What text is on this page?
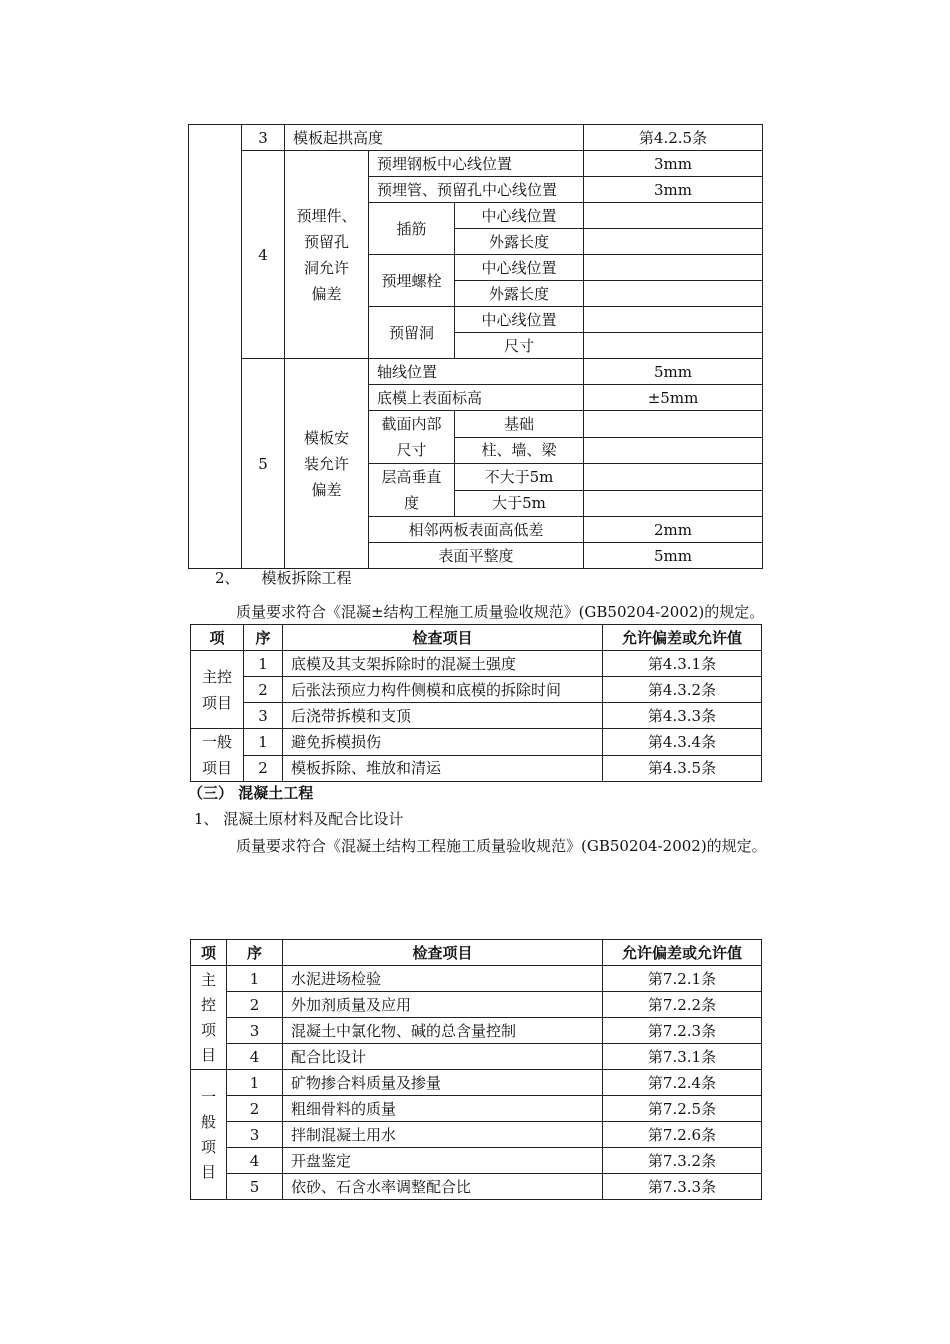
	3	模板起拱高度			第4.2.5条
	4	预埋件、
预留孔
洞允许
偏差	预埋钢板中心线位置		3mm
			预埋管、预留孔中心线位置		3mm
			插筋	中心线位置	
				外露长度	
			预埋螺栓	中心线位置	
				外露长度	
			预留洞	中心线位置	
				尺寸	
	5	模板安
装允许
偏差	轴线位置		5mm
			底模上表面标高		±5mm

			截面内部
尺寸	基础	
				柱、墙、梁	

			层高垂直
度	不大于5m	
				大于5m	
			相邻两板表面高低差		2mm
			表面平整度		5mm
2、 模板拆除工程
质量要求符合《混凝±结构工程施工质量验收规范》(GB50204-2002)的规定。
项	序	检查项目	允许偏差或允许值

主控
项目	1	底模及其支架拆除时的混凝土强度	第4.3.1条
	2	后张法预应力构件侧模和底模的拆除时间	第4.3.2条
	3	后浇带拆模和支顶	第4.3.3条

一般
项目	1	避免拆模损伤	第4.3.4条
	2	模板拆除、堆放和清运	第4.3.5条
（三） 混凝土工程
1、 混凝土原材料及配合比设计
质量要求符合《混凝土结构工程施工质量验收规范》(GB50204-2002)的规定。
项	序	检查项目	允许偏差或允许值

主
控
项
目	1	水泥进场检验	第7.2.1条
	2	外加剂质量及应用	第7.2.2条
	3	混凝土中氯化物、碱的总含量控制	第7.2.3条
	4	配合比设计	第7.3.1条

一
般
项
目	1	矿物掺合料质量及掺量	第7.2.4条
	2	粗细骨料的质量	第7.2.5条
	3	拌制混凝土用水	第7.2.6条
	4	开盘鉴定	第7.3.2条
	5	依砂、石含水率调整配合比	第7.3.3条
